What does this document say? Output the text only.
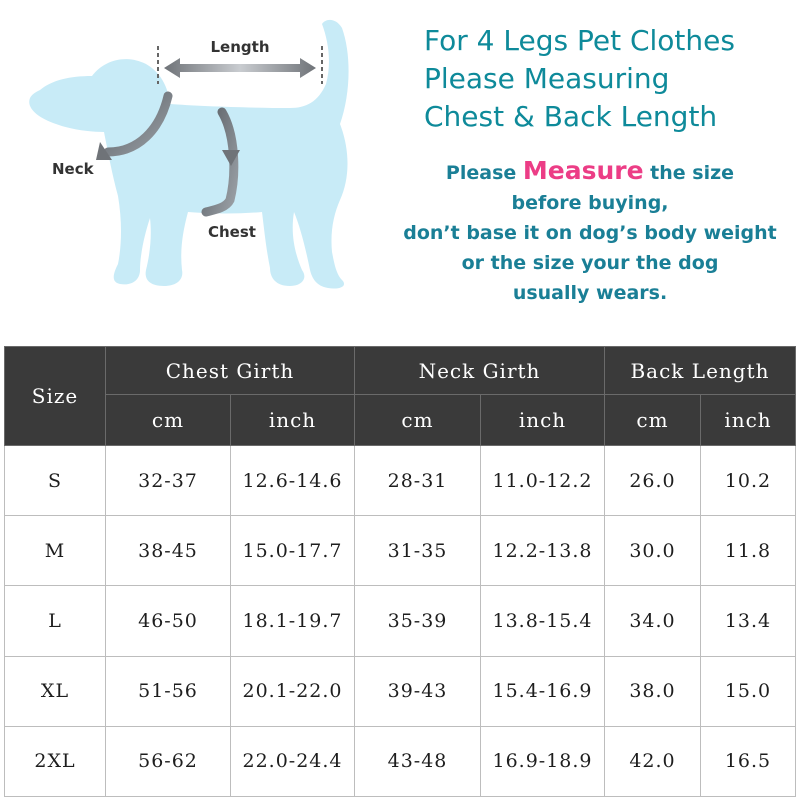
Length
Neck
Chest
For 4 Legs Pet Clothes
Please Measuring
Chest & Back Length
Please Measure the size
before buying,
don’t base it on dog’s body weight
or the size your the dog
usually wears.
Size	Chest Girth		Neck Girth		Back Length	
	cm	inch	cm	inch	cm	inch
S	32-37	12.6-14.6	28-31	11.0-12.2	26.0	10.2
M	38-45	15.0-17.7	31-35	12.2-13.8	30.0	11.8
L	46-50	18.1-19.7	35-39	13.8-15.4	34.0	13.4
XL	51-56	20.1-22.0	39-43	15.4-16.9	38.0	15.0
2XL	56-62	22.0-24.4	43-48	16.9-18.9	42.0	16.5
